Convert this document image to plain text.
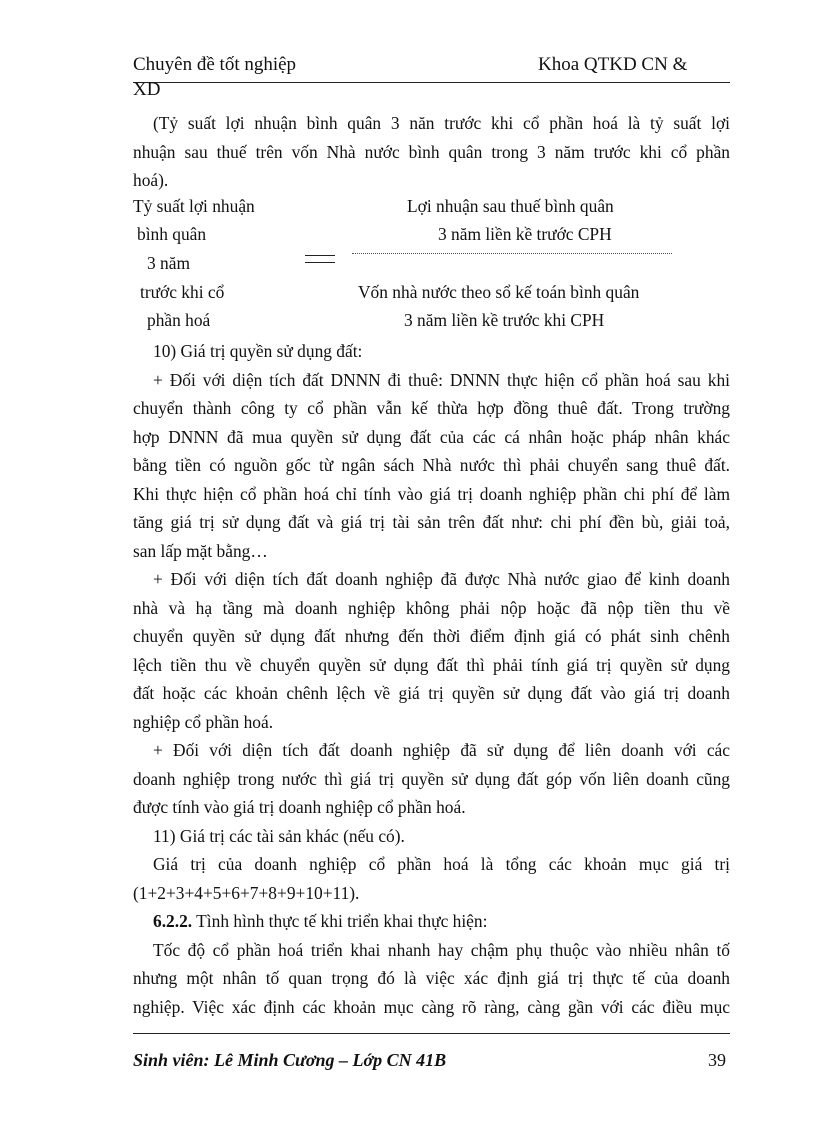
Chuyên đề tốt nghiệp	Khoa QTKD CN &
XD
(Tỷ suất lợi nhuận bình quân 3 năn trước khi cổ phần hoá là tỷ suất lợi
nhuận sau thuế trên vốn Nhà nước bình quân trong 3 năm trước khi cổ phần
hoá).
Tỷ suất lợi nhuận
bình quân
3 năm
trước khi cổ
phần hoá
Lợi nhuận sau thuế bình quân
3 năm liền kề trước CPH
Vốn nhà nước theo sổ kế toán bình quân
3 năm liền kề trước khi CPH
10) Giá trị quyền sử dụng đất:
+ Đối với diện tích đất DNNN đi thuê: DNNN thực hiện cổ phần hoá sau khi
chuyển thành công ty cổ phần vẫn kế thừa hợp đồng thuê đất. Trong trường
hợp DNNN đã mua quyền sử dụng đất của các cá nhân hoặc pháp nhân khác
bằng tiền có nguồn gốc từ ngân sách Nhà nước thì phải chuyển sang thuê đất.
Khi thực hiện cổ phần hoá chỉ tính vào giá trị doanh nghiệp phần chi phí để làm
tăng giá trị sử dụng đất và giá trị tài sản trên đất như: chi phí đền bù, giải toả,
san lấp mặt bằng…
+ Đối với diện tích đất doanh nghiệp đã được Nhà nước giao để kinh doanh
nhà và hạ tầng mà doanh nghiệp không phải nộp hoặc đã nộp tiền thu về
chuyển quyền sử dụng đất nhưng đến thời điểm định giá có phát sinh chênh
lệch tiền thu về chuyển quyền sử dụng đất thì phải tính giá trị quyền sử dụng
đất hoặc các khoản chênh lệch về giá trị quyền sử dụng đất vào giá trị doanh
nghiệp cổ phần hoá.
+ Đối với diện tích đất doanh nghiệp đã sử dụng để liên doanh với các
doanh nghiệp trong nước thì giá trị quyền sử dụng đất góp vốn liên doanh cũng
được tính vào giá trị doanh nghiệp cổ phần hoá.
11) Giá trị các tài sản khác (nếu có).
Giá trị của doanh nghiệp cổ phần hoá là tổng các khoản mục giá trị
(1+2+3+4+5+6+7+8+9+10+11).
6.2.2. Tình hình thực tế khi triển khai thực hiện:
Tốc độ cổ phần hoá triển khai nhanh hay chậm phụ thuộc vào nhiều nhân tố
nhưng một nhân tố quan trọng đó là việc xác định giá trị thực tế của doanh
nghiệp. Việc xác định các khoản mục càng rõ ràng, càng gần với các điều mục
Sinh viên: Lê Minh Cương – Lớp CN 41B	39
